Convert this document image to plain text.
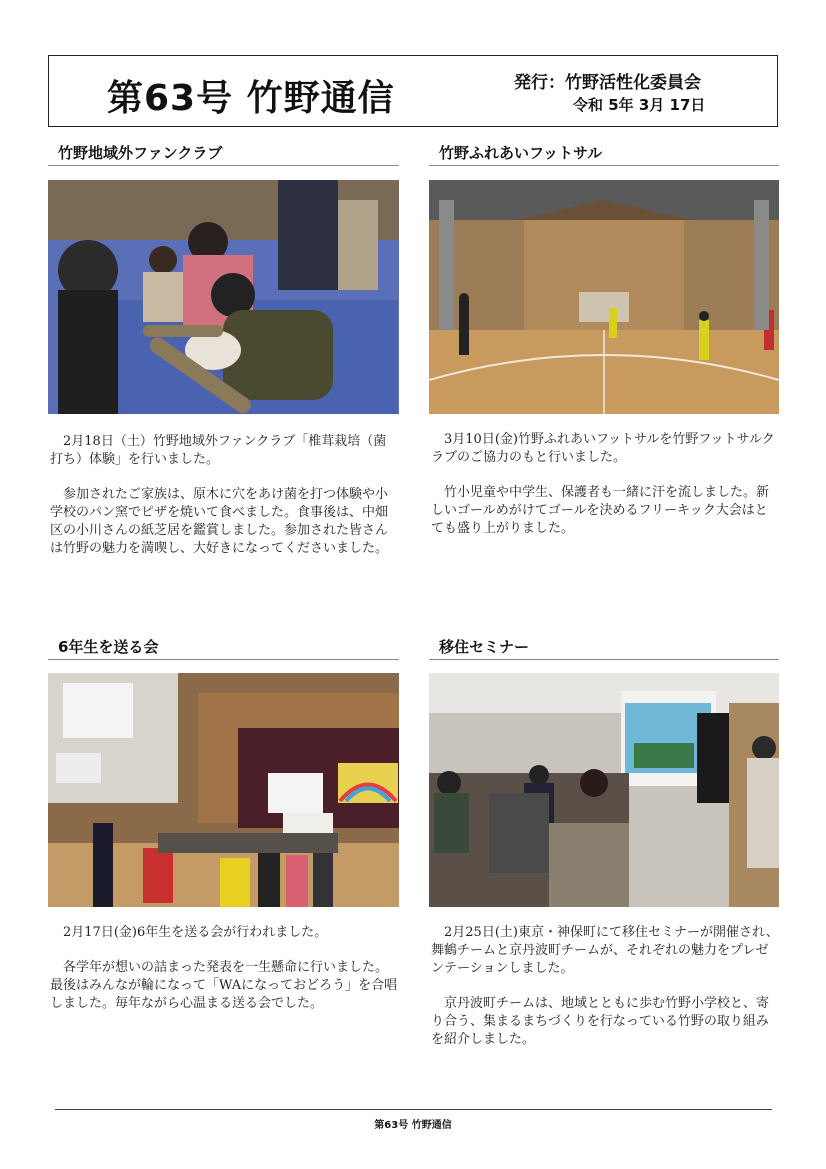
第63号 竹野通信	発行：竹野活性化委員会
令和 5年 3月 17日
竹野地域外ファンクラブ

2月18日（土）竹野地域外ファンクラブ「椎茸栽培（菌打ち）体験」を行いました。

参加されたご家族は、原木に穴をあけ菌を打つ体験や小学校のパン窯でピザを焼いて食べました。食事後は、中畑区の小川さんの紙芝居を鑑賞しました。参加された皆さんは竹野の魅力を満喫し、大好きになってくださいました。

竹野ふれあいフットサル

3月10日(金)竹野ふれあいフットサルを竹野フットサルクラブのご協力のもと行いました。

竹小児童や中学生、保護者も一緒に汗を流しました。新しいゴールめがけてゴールを決めるフリーキック大会はとても盛り上がりました。

6年生を送る会

2月17日(金)6年生を送る会が行われました。

各学年が想いの詰まった発表を一生懸命に行いました。最後はみんなが輪になって「WAになっておどろう」を合唱しました。毎年ながら心温まる送る会でした。

移住セミナー

2月25日(土)東京・神保町にて移住セミナーが開催され、舞鶴チームと京丹波町チームが、それぞれの魅力をプレゼンテーションしました。

京丹波町チームは、地域とともに歩む竹野小学校と、寄り合う、集まるまちづくりを行なっている竹野の取り組みを紹介しました。

第63号 竹野通信
